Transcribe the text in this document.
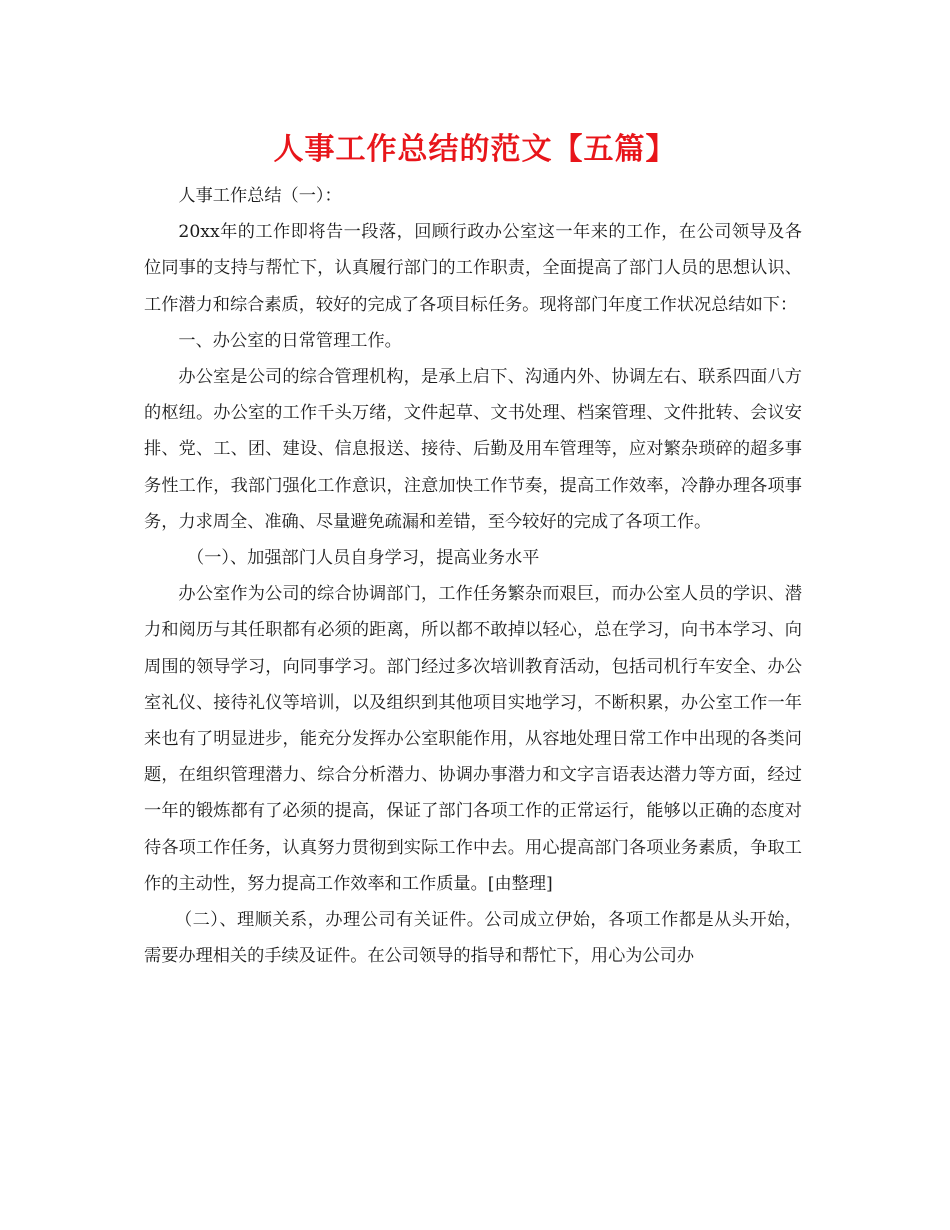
人事工作总结的范文【五篇】

人事工作总结（一）：

20xx年的工作即将告一段落，回顾行政办公室这一年来的工作，在公司领导及各位同事的支持与帮忙下，认真履行部门的工作职责，全面提高了部门人员的思想认识、工作潜力和综合素质，较好的完成了各项目标任务。现将部门年度工作状况总结如下：

一、办公室的日常管理工作。

办公室是公司的综合管理机构，是承上启下、沟通内外、协调左右、联系四面八方的枢纽。办公室的工作千头万绪，文件起草、文书处理、档案管理、文件批转、会议安排、党、工、团、建设、信息报送、接待、后勤及用车管理等，应对繁杂琐碎的超多事务性工作，我部门强化工作意识，注意加快工作节奏，提高工作效率，冷静办理各项事务，力求周全、准确、尽量避免疏漏和差错，至今较好的完成了各项工作。

（一）、加强部门人员自身学习，提高业务水平

办公室作为公司的综合协调部门，工作任务繁杂而艰巨，而办公室人员的学识、潜力和阅历与其任职都有必须的距离，所以都不敢掉以轻心，总在学习，向书本学习、向周围的领导学习，向同事学习。部门经过多次培训教育活动，包括司机行车安全、办公室礼仪、接待礼仪等培训，以及组织到其他项目实地学习，不断积累，办公室工作一年来也有了明显进步，能充分发挥办公室职能作用，从容地处理日常工作中出现的各类问题，在组织管理潜力、综合分析潜力、协调办事潜力和文字言语表达潜力等方面，经过一年的锻炼都有了必须的提高，保证了部门各项工作的正常运行，能够以正确的态度对待各项工作任务，认真努力贯彻到实际工作中去。用心提高部门各项业务素质，争取工作的主动性，努力提高工作效率和工作质量。[由整理]

（二）、理顺关系，办理公司有关证件。公司成立伊始，各项工作都是从头开始，需要办理相关的手续及证件。在公司领导的指导和帮忙下，用心为公司办
